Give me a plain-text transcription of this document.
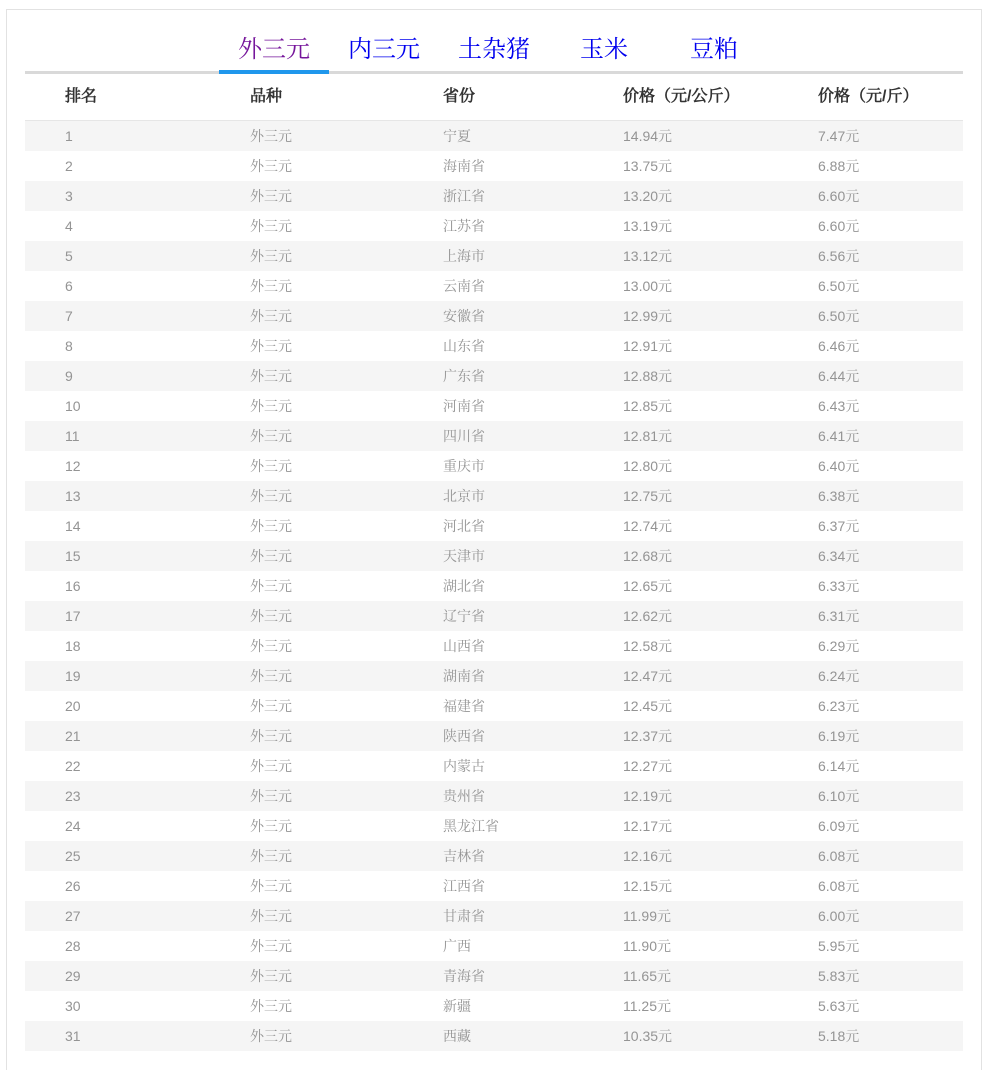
外三元	内三元	土杂猪	玉米	豆粕
排名	品种	省份	价格（元/公斤）	价格（元/斤）
1	外三元	宁夏	14.94元	7.47元
2	外三元	海南省	13.75元	6.88元
3	外三元	浙江省	13.20元	6.60元
4	外三元	江苏省	13.19元	6.60元
5	外三元	上海市	13.12元	6.56元
6	外三元	云南省	13.00元	6.50元
7	外三元	安徽省	12.99元	6.50元
8	外三元	山东省	12.91元	6.46元
9	外三元	广东省	12.88元	6.44元
10	外三元	河南省	12.85元	6.43元
11	外三元	四川省	12.81元	6.41元
12	外三元	重庆市	12.80元	6.40元
13	外三元	北京市	12.75元	6.38元
14	外三元	河北省	12.74元	6.37元
15	外三元	天津市	12.68元	6.34元
16	外三元	湖北省	12.65元	6.33元
17	外三元	辽宁省	12.62元	6.31元
18	外三元	山西省	12.58元	6.29元
19	外三元	湖南省	12.47元	6.24元
20	外三元	福建省	12.45元	6.23元
21	外三元	陕西省	12.37元	6.19元
22	外三元	内蒙古	12.27元	6.14元
23	外三元	贵州省	12.19元	6.10元
24	外三元	黑龙江省	12.17元	6.09元
25	外三元	吉林省	12.16元	6.08元
26	外三元	江西省	12.15元	6.08元
27	外三元	甘肃省	11.99元	6.00元
28	外三元	广西	11.90元	5.95元
29	外三元	青海省	11.65元	5.83元
30	外三元	新疆	11.25元	5.63元
31	外三元	西藏	10.35元	5.18元
